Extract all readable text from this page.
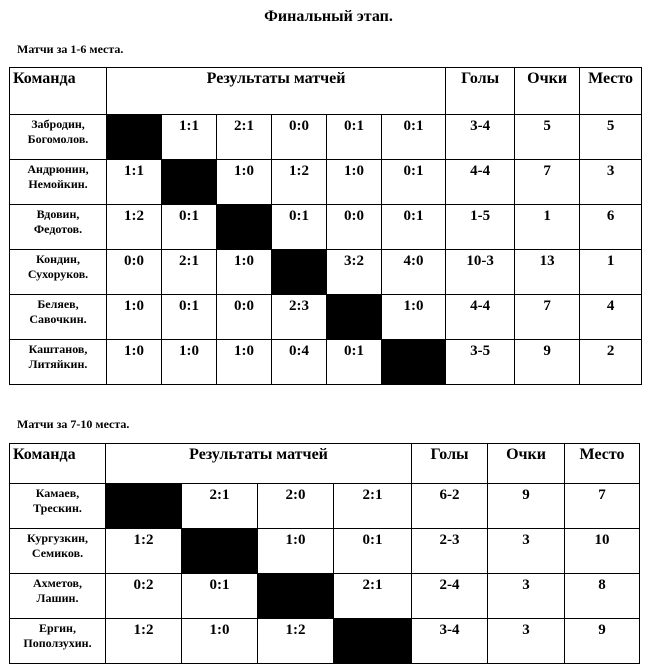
Финальный этап.
Матчи за 1-6 места.
Команда	Результаты матчей						Голы	Очки	Место

Забродин,
Богомолов.		1:1	2:1	0:0	0:1	0:1	3-4	5	5

Андрюнин,
Немойкин.	1:1		1:0	1:2	1:0	0:1	4-4	7	3

Вдовин,
Федотов.	1:2	0:1		0:1	0:0	0:1	1-5	1	6

Кондин,
Сухоруков.	0:0	2:1	1:0		3:2	4:0	10-3	13	1

Беляев,
Савочкин.	1:0	0:1	0:0	2:3		1:0	4-4	7	4

Каштанов,
Литяйкин.	1:0	1:0	1:0	0:4	0:1		3-5	9	2
Матчи за 7-10 места.
Команда	Результаты матчей				Голы	Очки	Место

Камаев,
Трескин.		2:1	2:0	2:1	6-2	9	7

Кургузкин,
Семиков.	1:2		1:0	0:1	2-3	3	10

Ахметов,
Лашин.	0:2	0:1		2:1	2-4	3	8

Ергин,
Поползухин.	1:2	1:0	1:2		3-4	3	9
